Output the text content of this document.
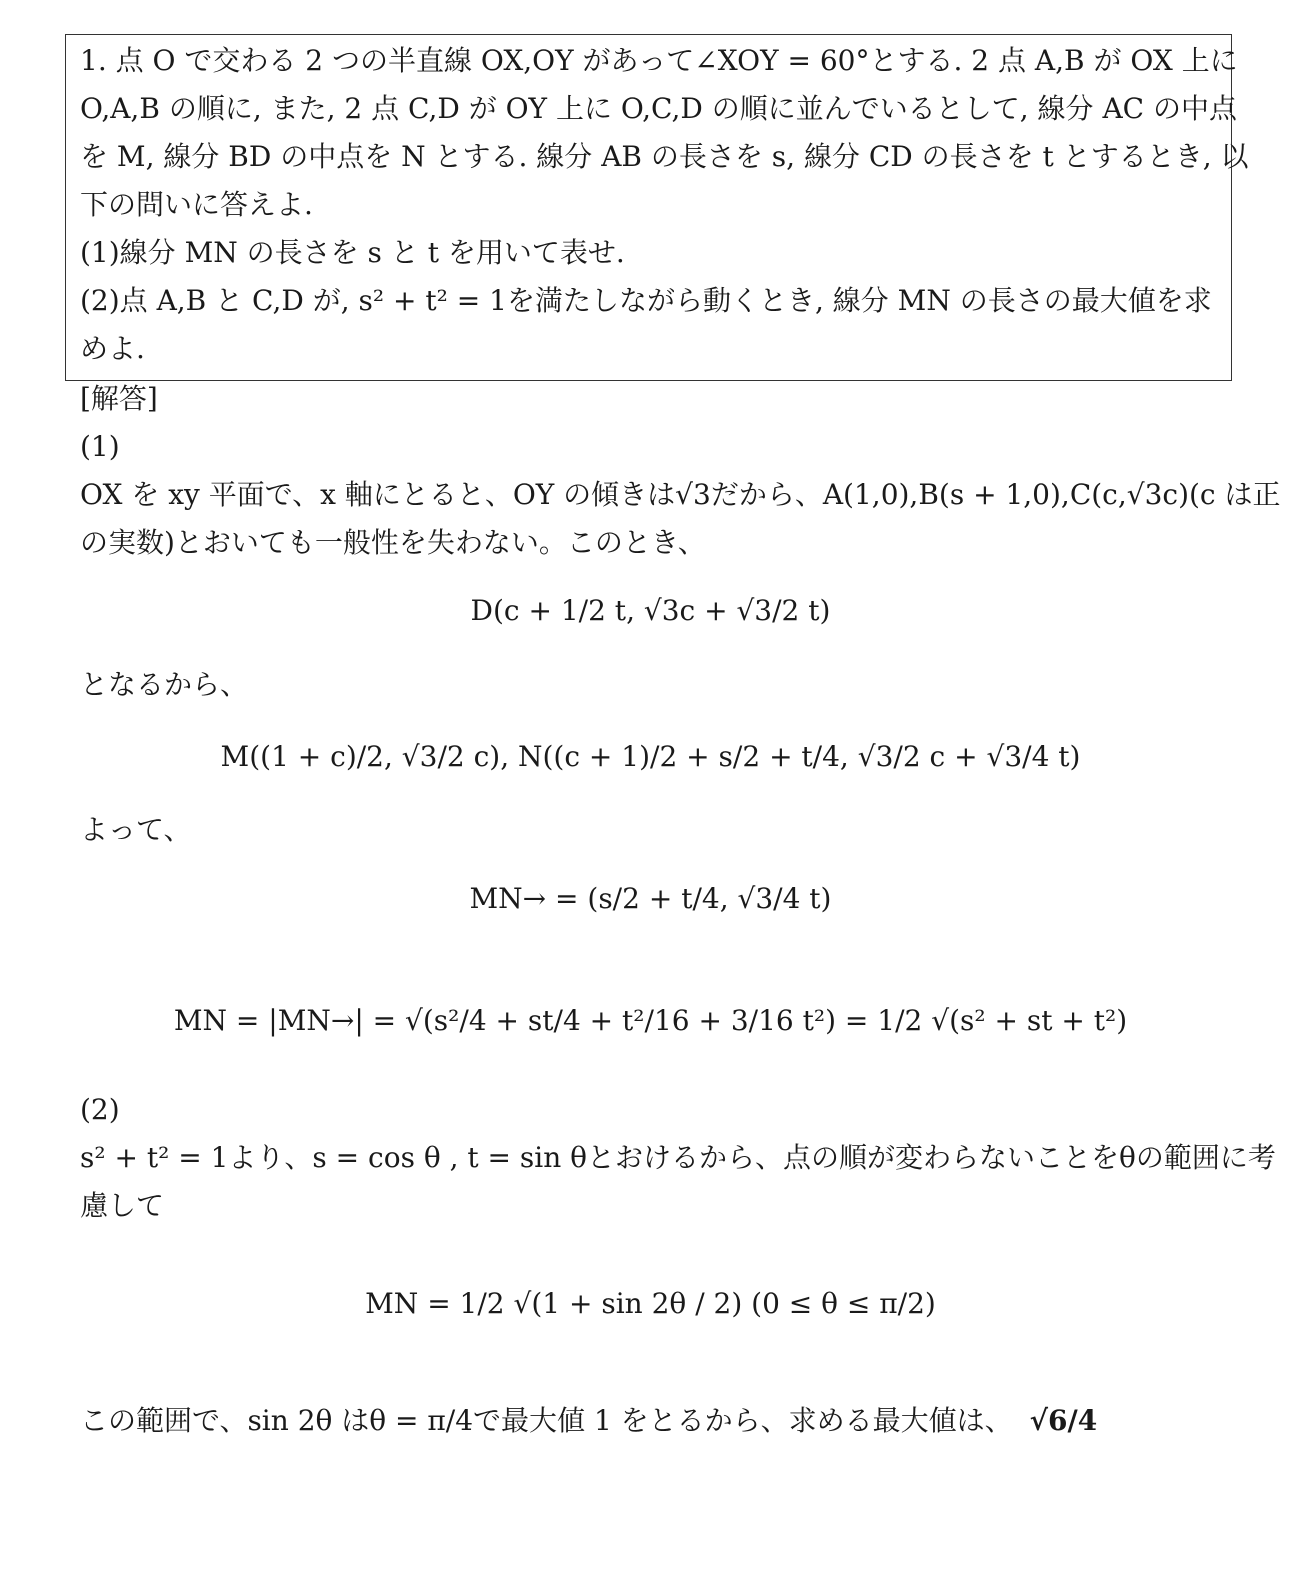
1. 点 O で交わる 2 つの半直線 OX,OY があって∠XOY = 60°とする. 2 点 A,B が OX 上に
O,A,B の順に, また, 2 点 C,D が OY 上に O,C,D の順に並んでいるとして, 線分 AC の中点
を M, 線分 BD の中点を N とする. 線分 AB の長さを s, 線分 CD の長さを t とするとき, 以
下の問いに答えよ.
(1)線分 MN の長さを s と t を用いて表せ.
(2)点 A,B と C,D が, s² + t² = 1を満たしながら動くとき, 線分 MN の長さの最大値を求
めよ.
[解答]
(1)
OX を xy 平面で、x 軸にとると、OY の傾きは√3だから、A(1,0),B(s + 1,0),C(c,√3c)(c は正
の実数)とおいても一般性を失わない。このとき、
D(c + 1/2 t, √3c + √3/2 t)
となるから、
M((1 + c)/2, √3/2 c), N((c + 1)/2 + s/2 + t/4, √3/2 c + √3/4 t)
よって、
MN→ = (s/2 + t/4, √3/4 t)
MN = |MN→| = √(s²/4 + st/4 + t²/16 + 3/16 t²) = 1/2 √(s² + st + t²)
(2)
s² + t² = 1より、s = cos θ , t = sin θとおけるから、点の順が変わらないことをθの範囲に考
慮して
MN = 1/2 √(1 + sin 2θ / 2) (0 ≤ θ ≤ π/2)
この範囲で、sin 2θ はθ = π/4で最大値 1 をとるから、求める最大値は、 √6/4
